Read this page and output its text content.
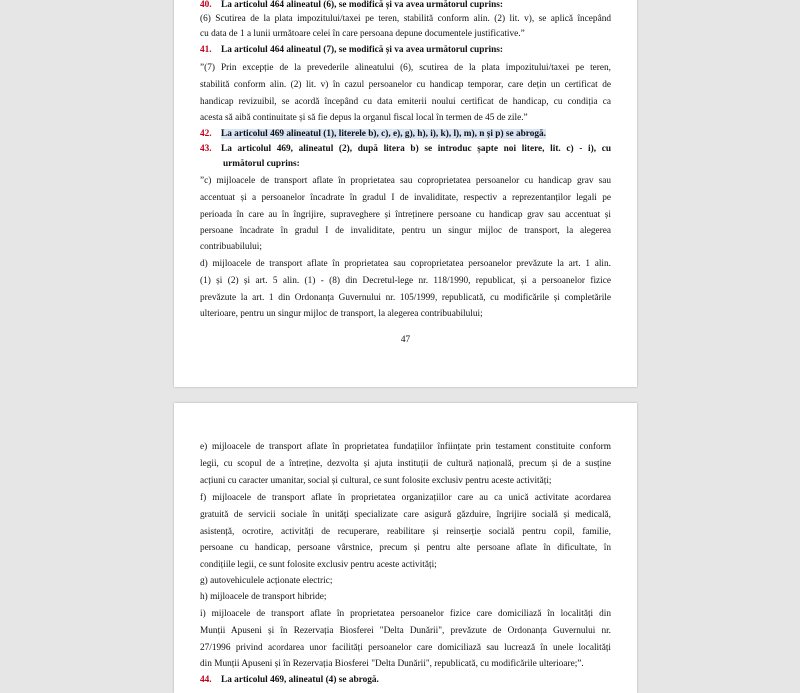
40. La articolul 464 alineatul (6), se modifică și va avea următorul cuprins:
(6) Scutirea de la plata impozitului/taxei pe teren, stabilită conform alin. (2) lit. v), se aplică începând
cu data de 1 a lunii următoare celei în care persoana depune documentele justificative.”
41. La articolul 464 alineatul (7), se modifică și va avea următorul cuprins:
”(7) Prin excepție de la prevederile alineatului (6), scutirea de la plata impozitului/taxei pe teren,
stabilită conform alin. (2) lit. v) în cazul persoanelor cu handicap temporar, care dețin un certificat de
handicap revizuibil, se acordă începând cu data emiterii noului certificat de handicap, cu condiția ca
acesta să aibă continuitate și să fie depus la organul fiscal local în termen de 45 de zile.”
42. La articolul 469 alineatul (1), literele b), c), e), g), h), i), k), l), m), n și p) se abrogă.
43. La articolul 469, alineatul (2), după litera b) se introduc șapte noi litere, lit. c) - i), cu
următorul cuprins:
”c) mijloacele de transport aflate în proprietatea sau coproprietatea persoanelor cu handicap grav sau
accentuat și a persoanelor încadrate în gradul I de invaliditate, respectiv a reprezentanților legali pe
perioada în care au în îngrijire, supraveghere și întreținere persoane cu handicap grav sau accentuat și
persoane încadrate în gradul I de invaliditate, pentru un singur mijloc de transport, la alegerea
contribuabilului;
d) mijloacele de transport aflate în proprietatea sau coproprietatea persoanelor prevăzute la art. 1 alin.
(1) și (2) și art. 5 alin. (1) - (8) din Decretul-lege nr. 118/1990, republicat, și a persoanelor fizice
prevăzute la art. 1 din Ordonanța Guvernului nr. 105/1999, republicată, cu modificările și completările
ulterioare, pentru un singur mijloc de transport, la alegerea contribuabilului;
47
e) mijloacele de transport aflate în proprietatea fundațiilor înființate prin testament constituite conform
legii, cu scopul de a întreține, dezvolta și ajuta instituții de cultură națională, precum și de a susține
acțiuni cu caracter umanitar, social și cultural, ce sunt folosite exclusiv pentru aceste activități;
f) mijloacele de transport aflate în proprietatea organizațiilor care au ca unică activitate acordarea
gratuită de servicii sociale în unități specializate care asigură găzduire, îngrijire socială și medicală,
asistență, ocrotire, activități de recuperare, reabilitare și reinserție socială pentru copil, familie,
persoane cu handicap, persoane vârstnice, precum și pentru alte persoane aflate în dificultate, în
condițiile legii, ce sunt folosite exclusiv pentru aceste activități;
g) autovehiculele acționate electric;
h) mijloacele de transport hibride;
i) mijloacele de transport aflate în proprietatea persoanelor fizice care domiciliază în localități din
Munții Apuseni și în Rezervația Biosferei "Delta Dunării", prevăzute de Ordonanța Guvernului nr.
27/1996 privind acordarea unor facilități persoanelor care domiciliază sau lucrează în unele localități
din Munții Apuseni și în Rezervația Biosferei "Delta Dunării", republicată, cu modificările ulterioare;”.
44. La articolul 469, alineatul (4) se abrogă.
